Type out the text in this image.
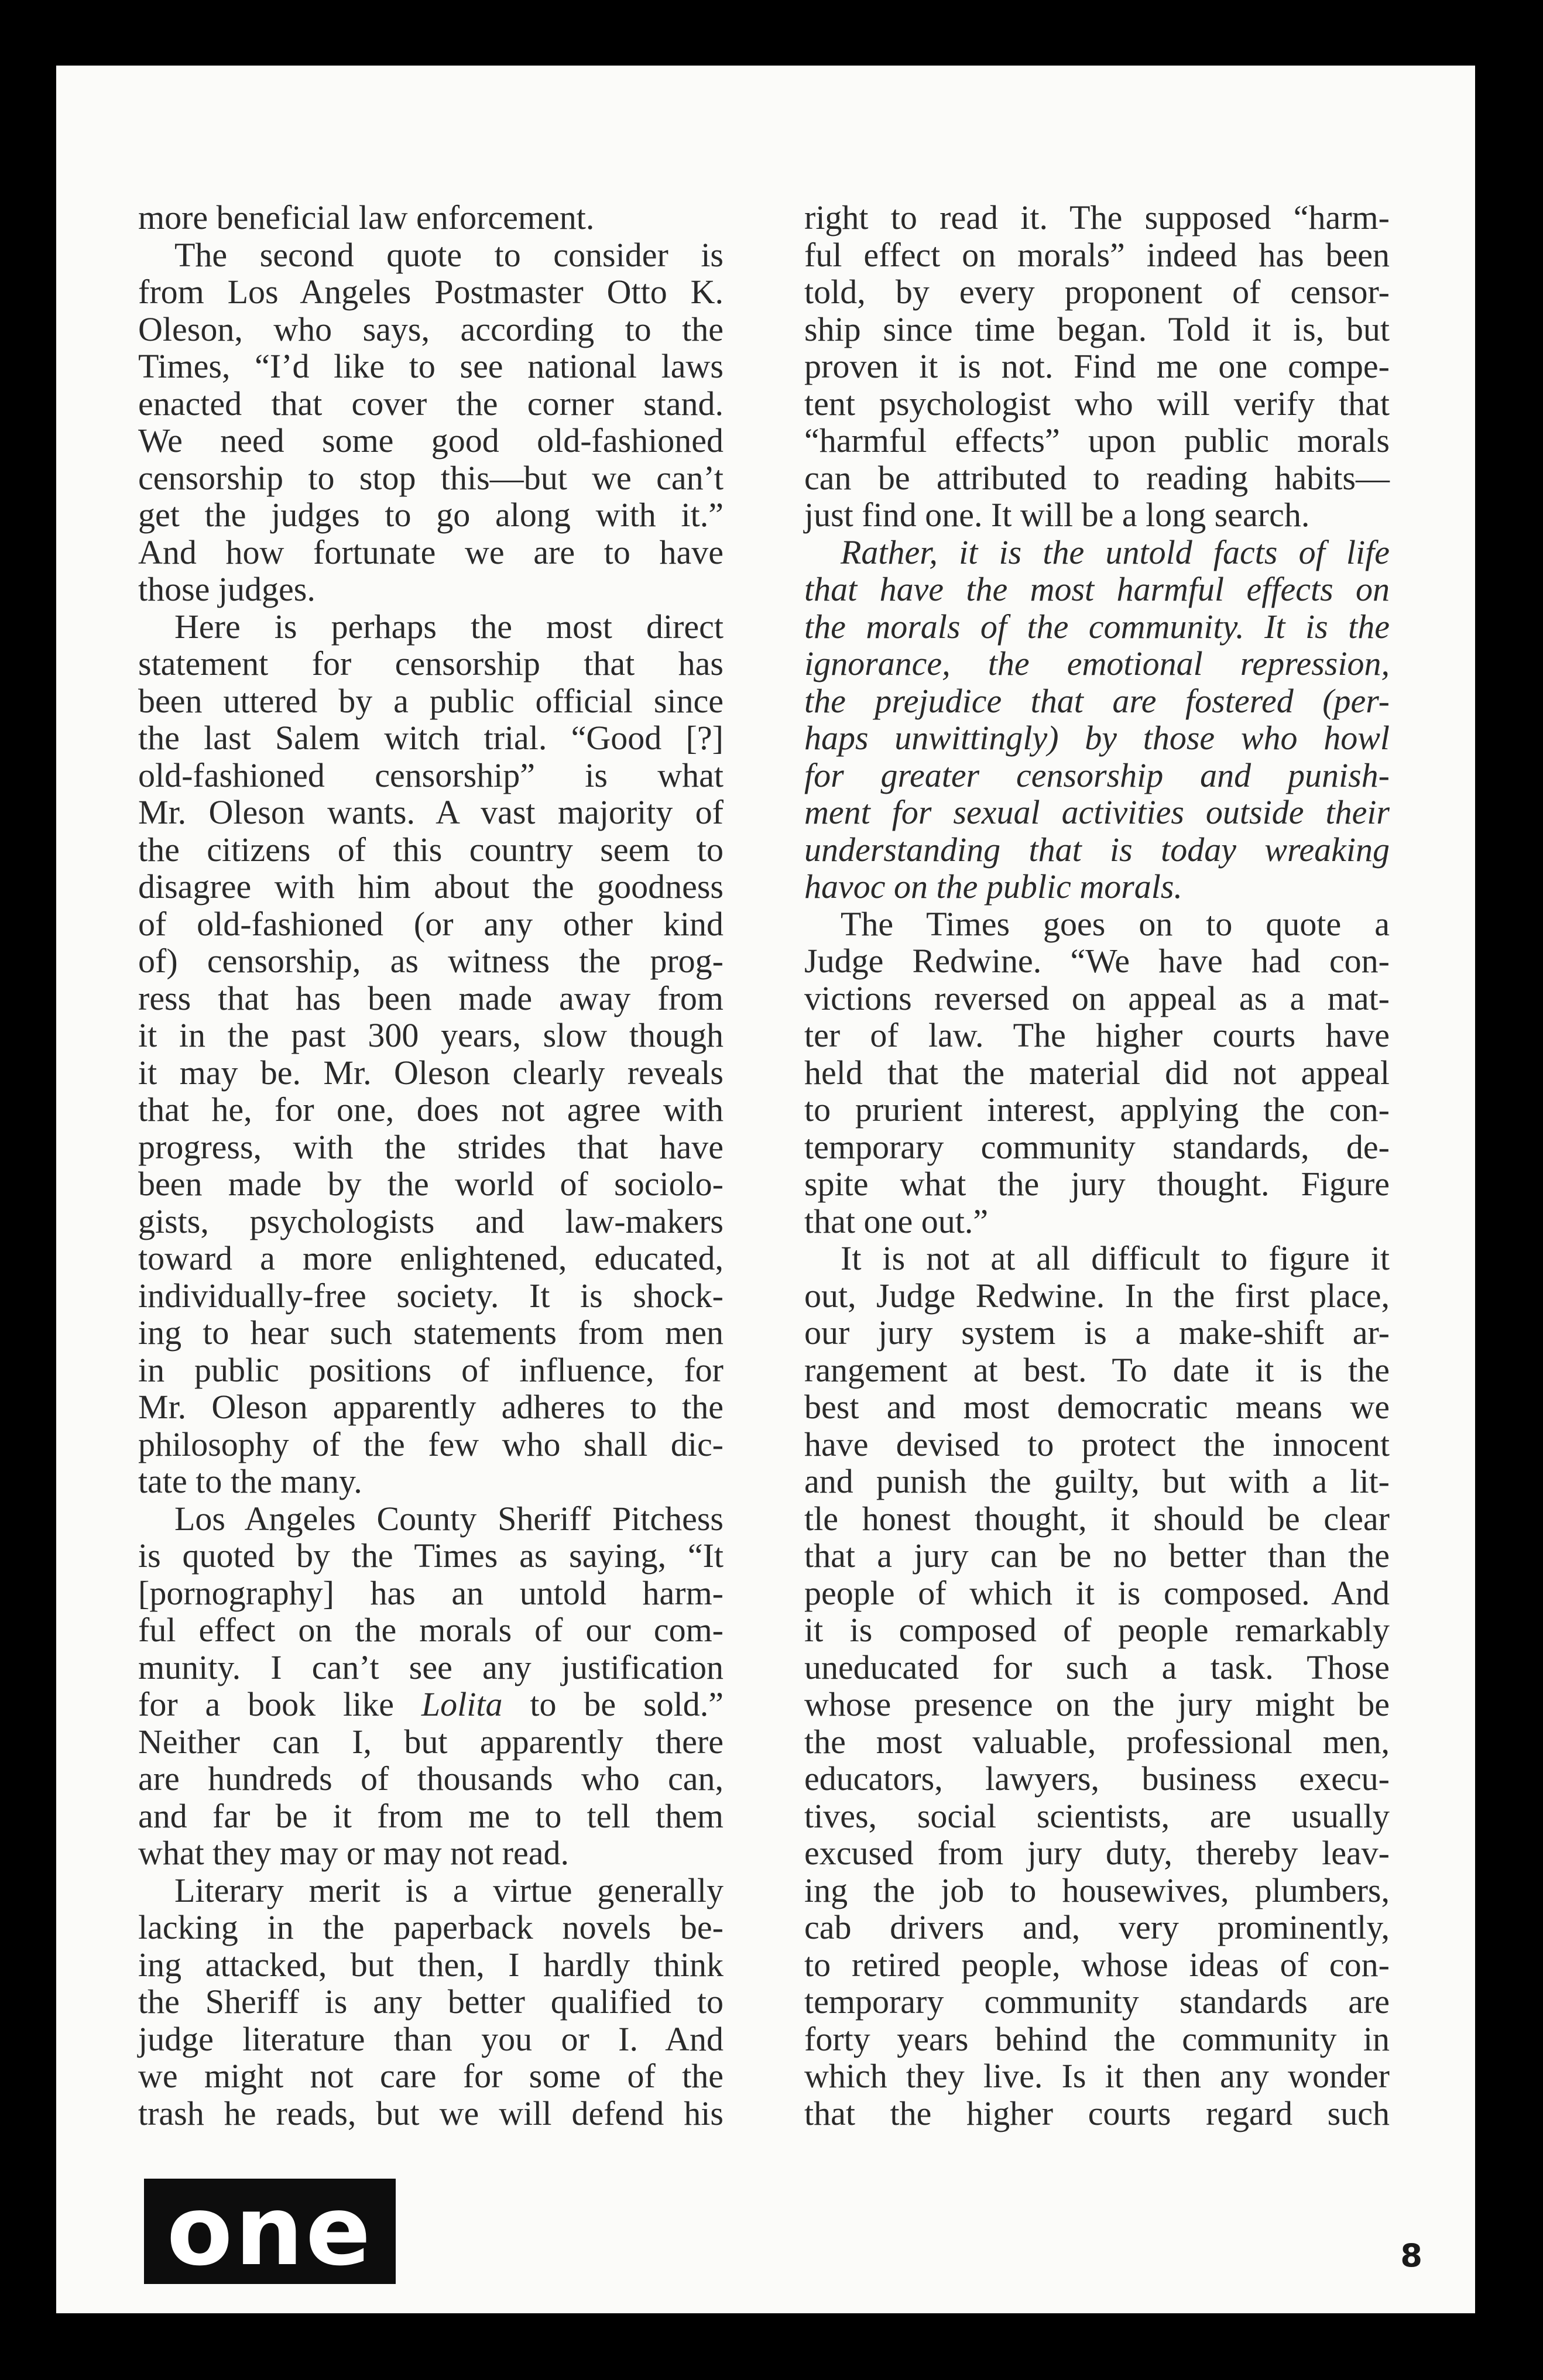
more beneficial law enforcement.

The second quote to consider is

from Los Angeles Postmaster Otto K.

Oleson, who says, according to the

Times, “I’d like to see national laws

enacted that cover the corner stand.

We need some good old-fashioned

censorship to stop this—but we can’t

get the judges to go along with it.”

And how fortunate we are to have

those judges.

Here is perhaps the most direct

statement for censorship that has

been uttered by a public official since

the last Salem witch trial. “Good [?]

old-fashioned censorship” is what

Mr. Oleson wants. A vast majority of

the citizens of this country seem to

disagree with him about the goodness

of old-fashioned (or any other kind

of) censorship, as witness the prog-

ress that has been made away from

it in the past 300 years, slow though

it may be. Mr. Oleson clearly reveals

that he, for one, does not agree with

progress, with the strides that have

been made by the world of sociolo-

gists, psychologists and law-makers

toward a more enlightened, educated,

individually-free society. It is shock-

ing to hear such statements from men

in public positions of influence, for

Mr. Oleson apparently adheres to the

philosophy of the few who shall dic-

tate to the many.

Los Angeles County Sheriff Pitchess

is quoted by the Times as saying, “It

[pornography] has an untold harm-

ful effect on the morals of our com-

munity. I can’t see any justification

for a book like Lolita to be sold.”

Neither can I, but apparently there

are hundreds of thousands who can,

and far be it from me to tell them

what they may or may not read.

Literary merit is a virtue generally

lacking in the paperback novels be-

ing attacked, but then, I hardly think

the Sheriff is any better qualified to

judge literature than you or I. And

we might not care for some of the

trash he reads, but we will defend his

right to read it. The supposed “harm-

ful effect on morals” indeed has been

told, by every proponent of censor-

ship since time began. Told it is, but

proven it is not. Find me one compe-

tent psychologist who will verify that

“harmful effects” upon public morals

can be attributed to reading habits—

just find one. It will be a long search.

Rather, it is the untold facts of life

that have the most harmful effects on

the morals of the community. It is the

ignorance, the emotional repression,

the prejudice that are fostered (per-

haps unwittingly) by those who howl

for greater censorship and punish-

ment for sexual activities outside their

understanding that is today wreaking

havoc on the public morals.

The Times goes on to quote a

Judge Redwine. “We have had con-

victions reversed on appeal as a mat-

ter of law. The higher courts have

held that the material did not appeal

to prurient interest, applying the con-

temporary community standards, de-

spite what the jury thought. Figure

that one out.”

It is not at all difficult to figure it

out, Judge Redwine. In the first place,

our jury system is a make-shift ar-

rangement at best. To date it is the

best and most democratic means we

have devised to protect the innocent

and punish the guilty, but with a lit-

tle honest thought, it should be clear

that a jury can be no better than the

people of which it is composed. And

it is composed of people remarkably

uneducated for such a task. Those

whose presence on the jury might be

the most valuable, professional men,

educators, lawyers, business execu-

tives, social scientists, are usually

excused from jury duty, thereby leav-

ing the job to housewives, plumbers,

cab drivers and, very prominently,

to retired people, whose ideas of con-

temporary community standards are

forty years behind the community in

which they live. Is it then any wonder

that the higher courts regard such

one	8
